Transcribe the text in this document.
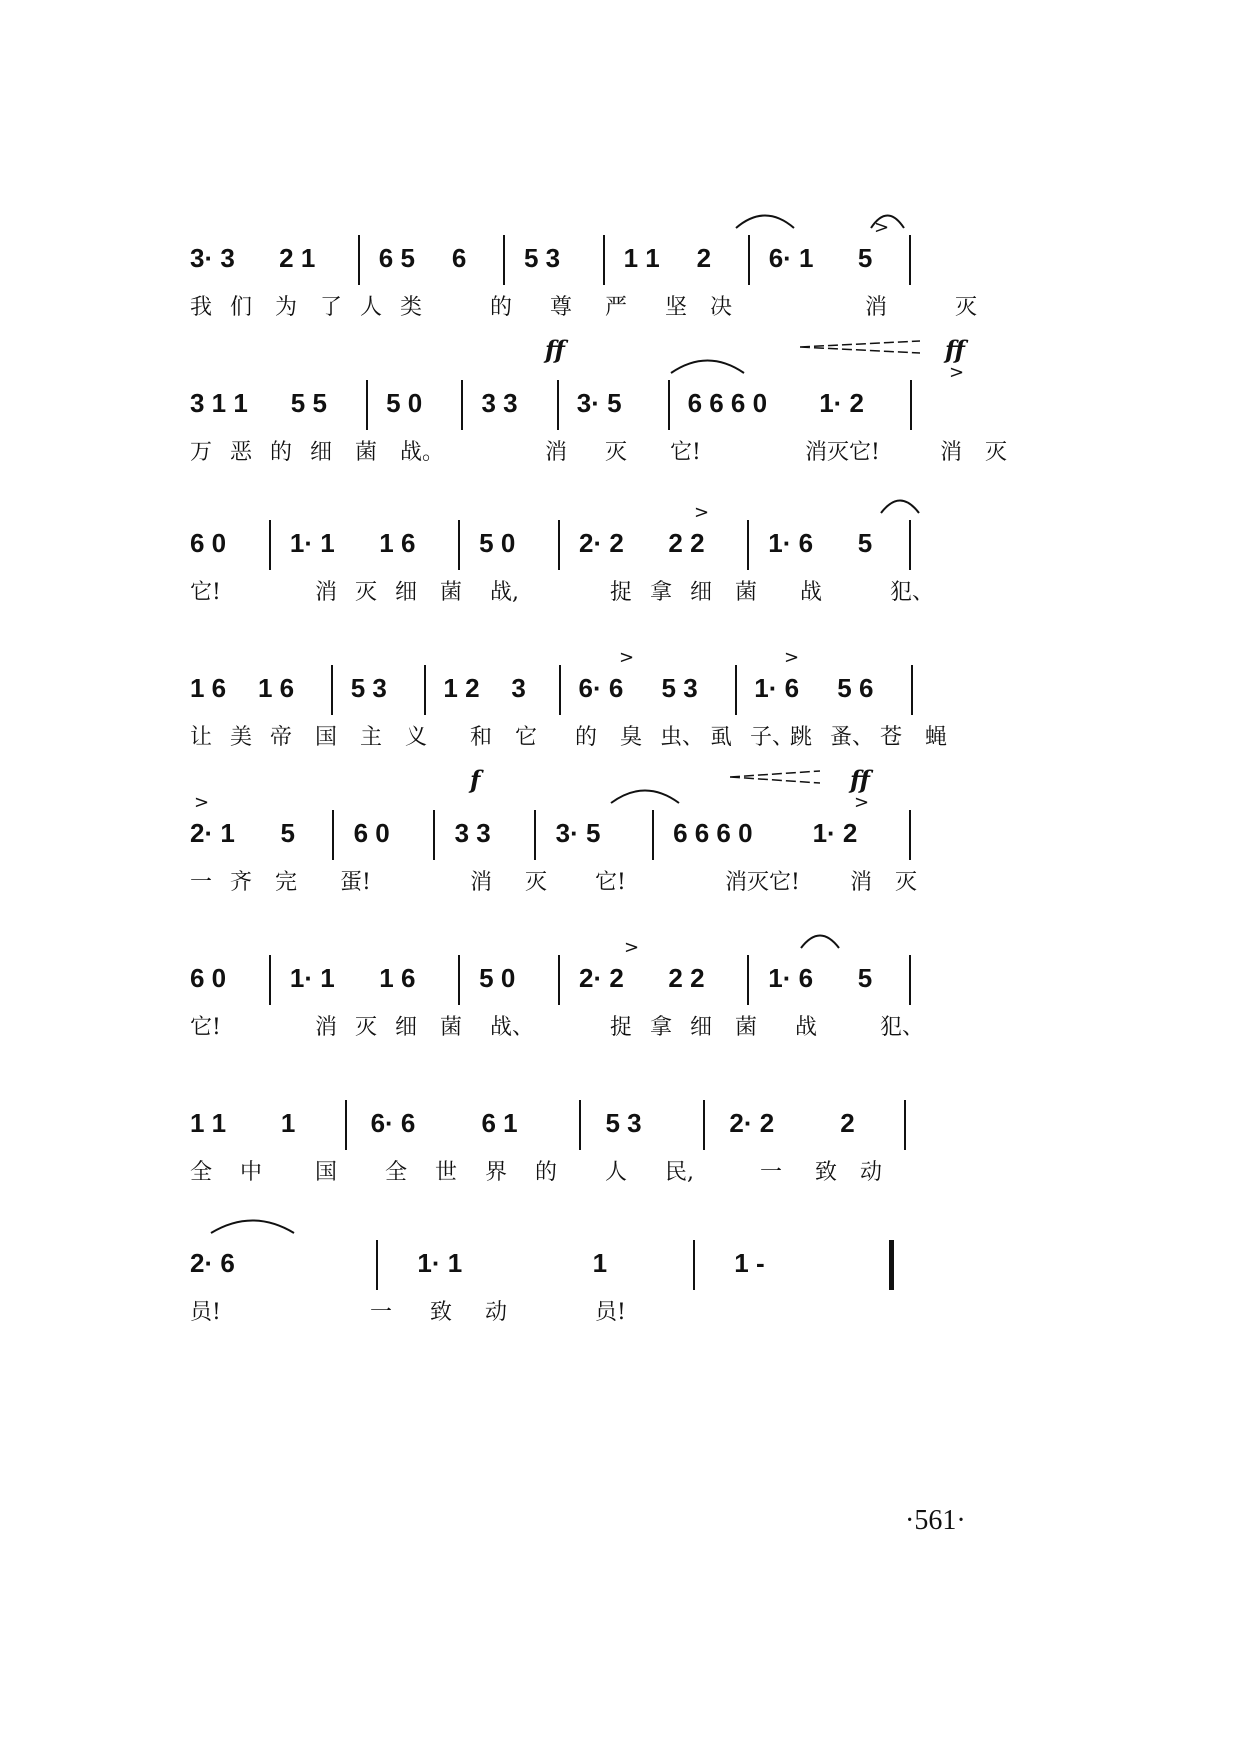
3· 3 2 1 6 5 6 5 3 1 1 2 6· 1 5
>
我 们 为 了 人 类	的 尊 严 坚 决	消	灭
3 1 1 5 5 5 0 3 3 3· 5	6 6 6 0 1· 2
ff	ff
>
万 恶 的 细 菌 战。	消 灭 它!	消灭它!	消 灭
6 0 1· 1 1 6 5 0 2· 2 2 2 1· 6 5
>
它!	消 灭 细 菌 战,	捉 拿 细 菌 战	犯、
1 6 1 6 5 3 1 2 3 6· 6 5 3 1· 6 5 6
>	>
让 美 帝 国 主 义 和 它 的 臭 虫、 虱 子、
跳 蚤、 苍 蝇
2· 1 5 6 0 3 3 3· 5	6 6 6 0 1· 2
f	ff
>	>
一 齐 完 蛋!	消 灭 它!	消灭它! 消 灭
6 0 1· 1 1 6 5 0 2· 2 2 2 1· 6 5
>
它!	消 灭 细 菌 战、	捉 拿 细 菌 战	犯、
1 1 1	6· 6	6 1	5 3	2· 2	2
全 中 国 全 世 界 的 人 民,	一 致 动
2· 6	1· 1	1	1 -
员!	一 致 动	员!
·561·
